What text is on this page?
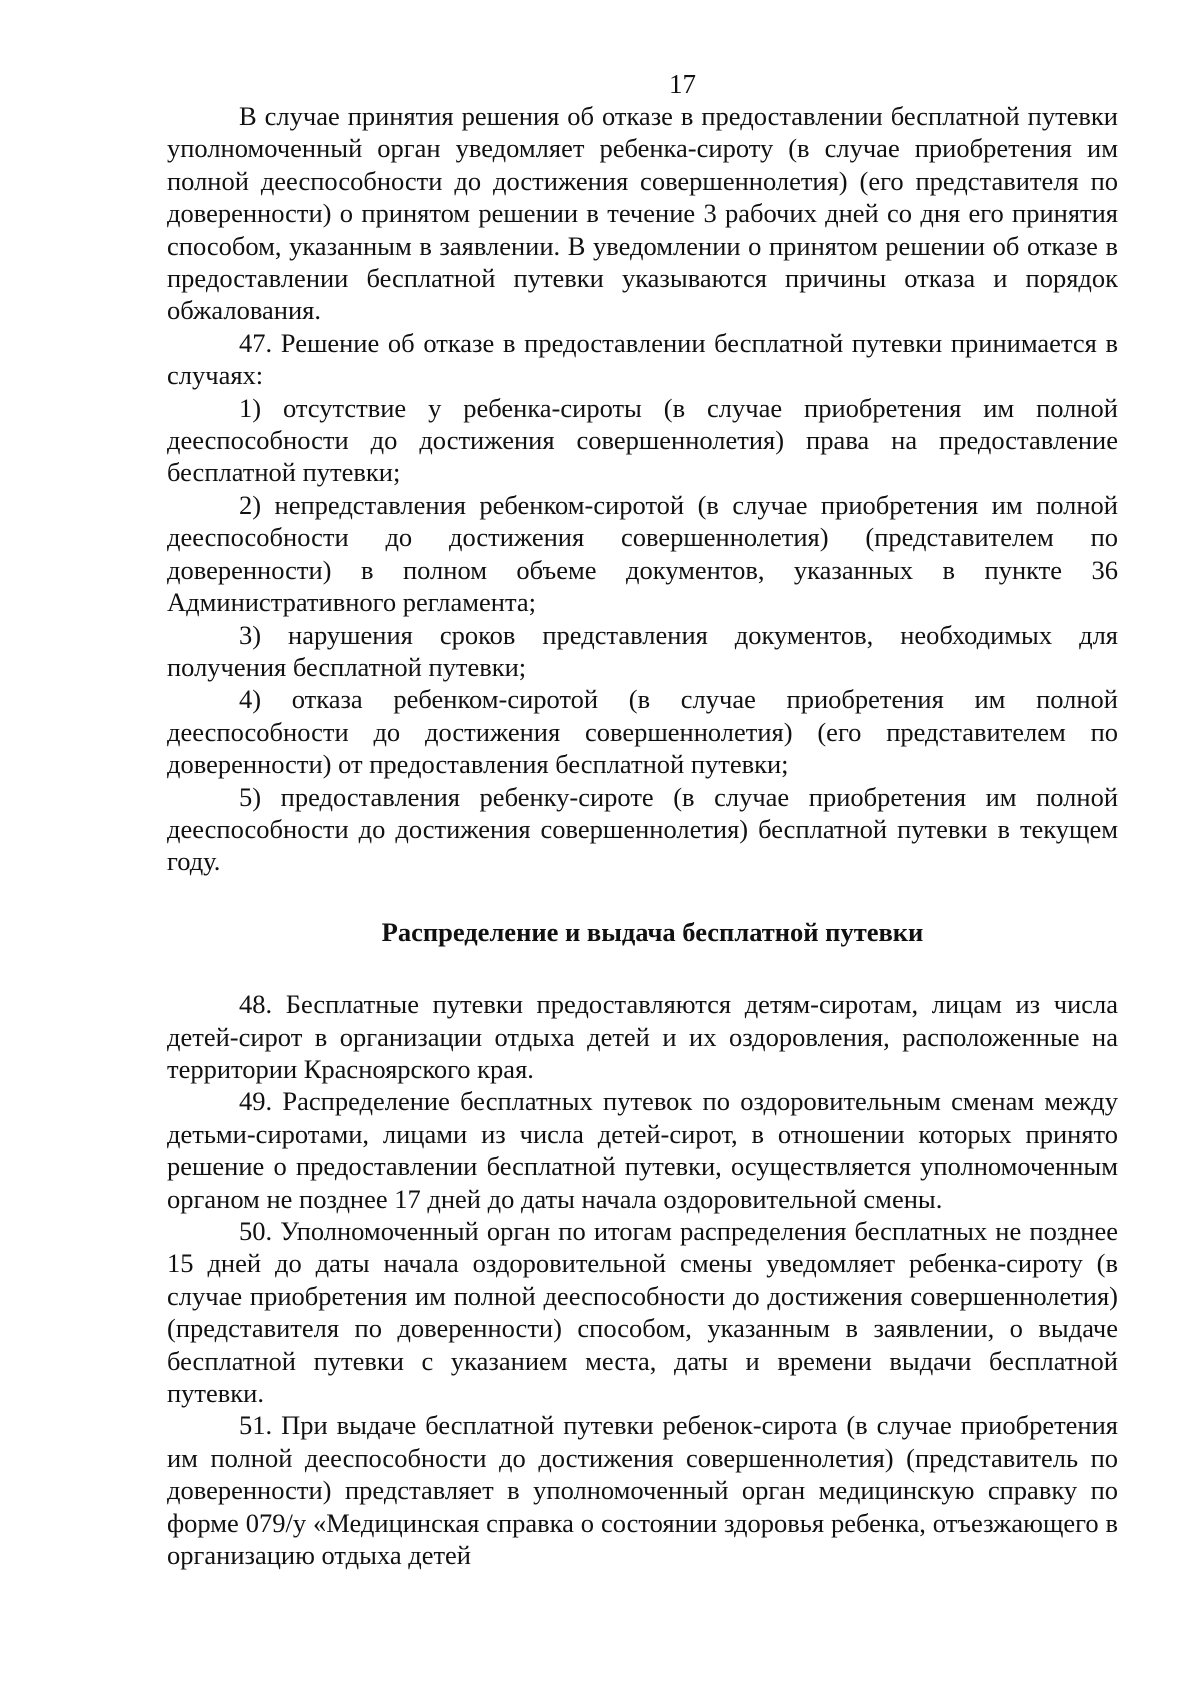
17

В случае принятия решения об отказе в предоставлении бесплатной путевки уполномоченный орган уведомляет ребенка-сироту (в случае приобретения им полной дееспособности до достижения совершеннолетия) (его представителя по доверенности) о принятом решении в течение 3 рабочих дней со дня его принятия способом, указанным в заявлении. В уведомлении о принятом решении об отказе в предоставлении бесплатной путевки указываются причины отказа и порядок обжалования.

47. Решение об отказе в предоставлении бесплатной путевки принимается в случаях:

1) отсутствие у ребенка-сироты (в случае приобретения им полной дееспособности до достижения совершеннолетия) права на предоставление бесплатной путевки;

2) непредставления ребенком-сиротой (в случае приобретения им полной дееспособности до достижения совершеннолетия) (представителем по доверенности) в полном объеме документов, указанных в пункте 36 Административного регламента;

3) нарушения сроков представления документов, необходимых для получения бесплатной путевки;

4) отказа ребенком-сиротой (в случае приобретения им полной дееспособности до достижения совершеннолетия) (его представителем по доверенности) от предоставления бесплатной путевки;

5) предоставления ребенку-сироте (в случае приобретения им полной дееспособности до достижения совершеннолетия) бесплатной путевки в текущем году.

Распределение и выдача бесплатной путевки

48. Бесплатные путевки предоставляются детям-сиротам, лицам из числа детей-сирот в организации отдыха детей и их оздоровления, расположенные на территории Красноярского края.

49. Распределение бесплатных путевок по оздоровительным сменам между детьми-сиротами, лицами из числа детей-сирот, в отношении которых принято решение о предоставлении бесплатной путевки, осуществляется уполномоченным органом не позднее 17 дней до даты начала оздоровительной смены.

50. Уполномоченный орган по итогам распределения бесплатных не позднее 15 дней до даты начала оздоровительной смены уведомляет ребенка-сироту (в случае приобретения им полной дееспособности до достижения совершеннолетия) (представителя по доверенности) способом, указанным в заявлении, о выдаче бесплатной путевки с указанием места, даты и времени выдачи бесплатной путевки.

51. При выдаче бесплатной путевки ребенок-сирота (в случае приобретения им полной дееспособности до достижения совершеннолетия) (представитель по доверенности) представляет в уполномоченный орган медицинскую справку по форме 079/у «Медицинская справка о состоянии здоровья ребенка, отъезжающего в организацию отдыха детей
